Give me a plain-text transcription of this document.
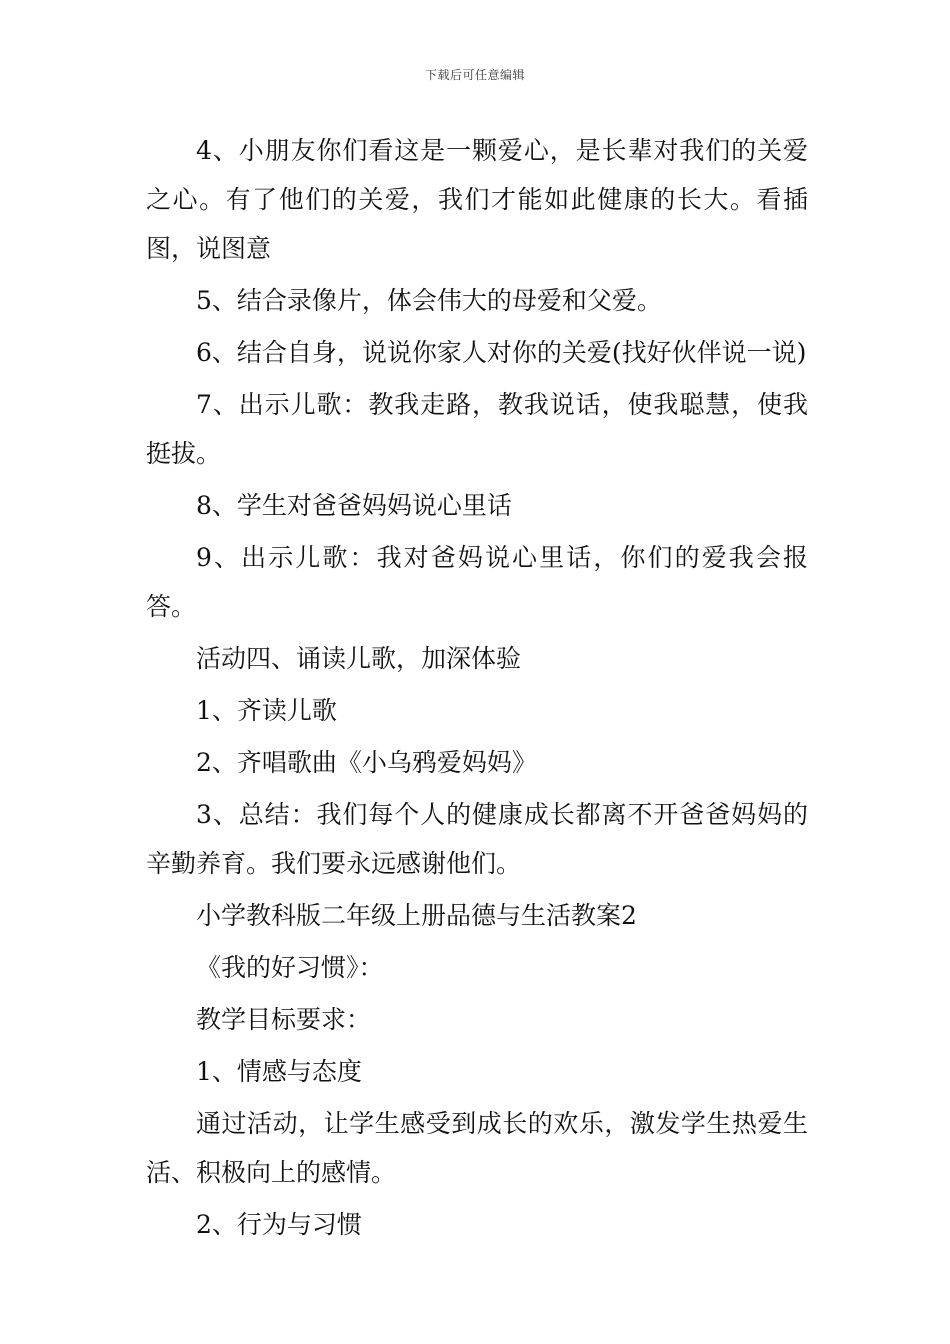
下载后可任意编辑

4、小朋友你们看这是一颗爱心，是长辈对我们的关爱之心。有了他们的关爱，我们才能如此健康的长大。看插图，说图意

5、结合录像片，体会伟大的母爱和父爱。

6、结合自身，说说你家人对你的关爱(找好伙伴说一说)

7、出示儿歌：教我走路，教我说话，使我聪慧，使我挺拔。

8、学生对爸爸妈妈说心里话

9、出示儿歌：我对爸妈说心里话，你们的爱我会报答。

活动四、诵读儿歌，加深体验

1、齐读儿歌

2、齐唱歌曲《小乌鸦爱妈妈》

3、总结：我们每个人的健康成长都离不开爸爸妈妈的辛勤养育。我们要永远感谢他们。

小学教科版二年级上册品德与生活教案2

《我的好习惯》：

教学目标要求：

1、情感与态度

通过活动，让学生感受到成长的欢乐，激发学生热爱生活、积极向上的感情。

2、行为与习惯
